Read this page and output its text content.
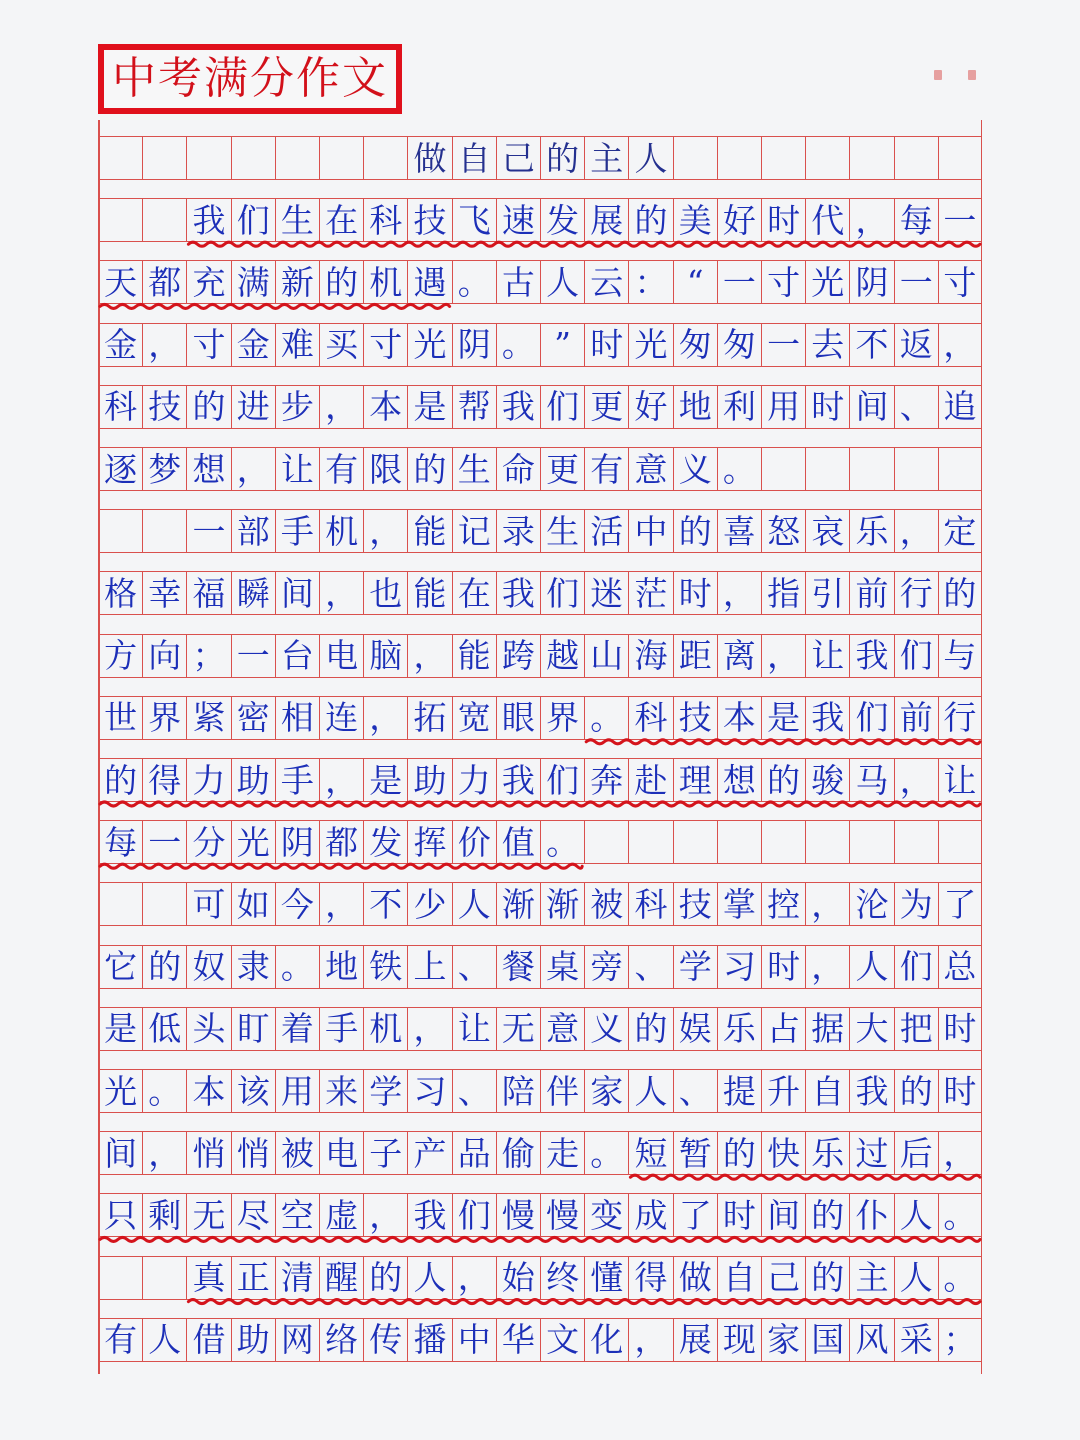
中考满分作文
做 自 己 的 主 人
我 们 生 在 科 技 飞 速 发 展 的 美 好 时 代 ， 每 一
天 都 充 满 新 的 机 遇 。 古 人 云 ： “ 一 寸 光 阴 一 寸
金 ， 寸 金 难 买 寸 光 阴 。 ” 时 光 匆 匆 一 去 不 返 ，
科 技 的 进 步 ， 本 是 帮 我 们 更 好 地 利 用 时 间 、 追
逐 梦 想 ， 让 有 限 的 生 命 更 有 意 义 。
一 部 手 机 ， 能 记 录 生 活 中 的 喜 怒 哀 乐 ， 定
格 幸 福 瞬 间 ， 也 能 在 我 们 迷 茫 时 ， 指 引 前 行 的
方 向 ； 一 台 电 脑 ， 能 跨 越 山 海 距 离 ， 让 我 们 与
世 界 紧 密 相 连 ， 拓 宽 眼 界 。 科 技 本 是 我 们 前 行
的 得 力 助 手 ， 是 助 力 我 们 奔 赴 理 想 的 骏 马 ， 让
每 一 分 光 阴 都 发 挥 价 值 。
可 如 今 ， 不 少 人 渐 渐 被 科 技 掌 控 ， 沦 为 了
它 的 奴 隶 。 地 铁 上 、 餐 桌 旁 、 学 习 时 ， 人 们 总
是 低 头 盯 着 手 机 ， 让 无 意 义 的 娱 乐 占 据 大 把 时
光 。 本 该 用 来 学 习 、 陪 伴 家 人 、 提 升 自 我 的 时
间 ， 悄 悄 被 电 子 产 品 偷 走 。 短 暂 的 快 乐 过 后 ，
只 剩 无 尽 空 虚 ， 我 们 慢 慢 变 成 了 时 间 的 仆 人 。
真 正 清 醒 的 人 ， 始 终 懂 得 做 自 己 的 主 人 。
有 人 借 助 网 络 传 播 中 华 文 化 ， 展 现 家 国 风 采 ；
